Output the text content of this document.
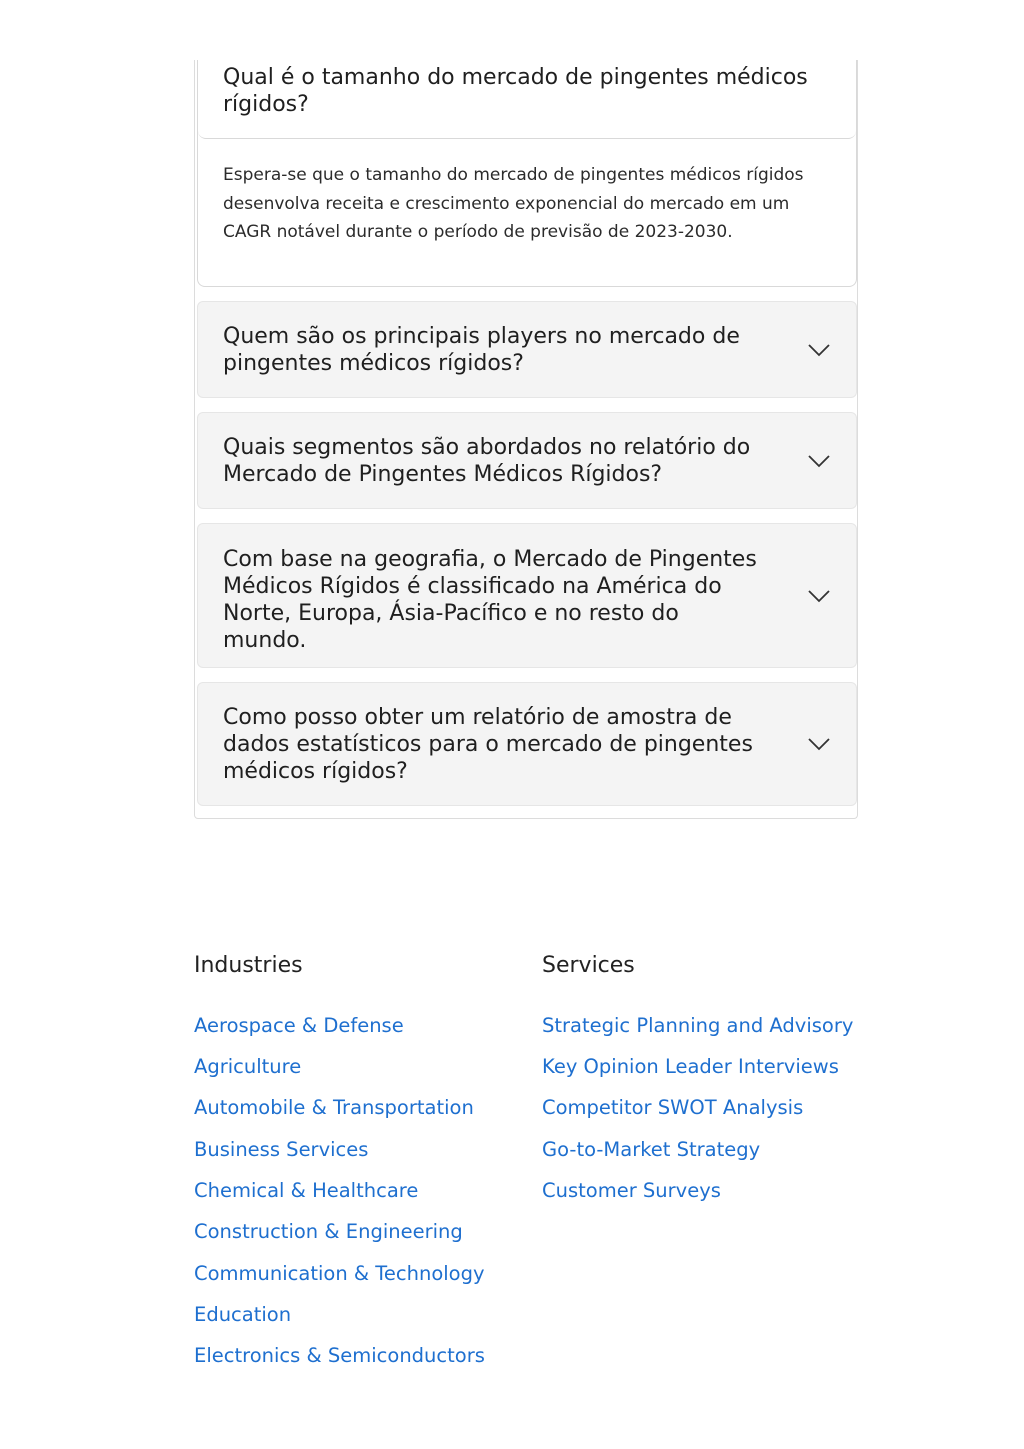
Qual é o tamanho do mercado de pingentes médicos rígidos?

Espera-se que o tamanho do mercado de pingentes médicos rígidos desenvolva receita e crescimento exponencial do mercado em um CAGR notável durante o período de previsão de 2023-2030.

Quem são os principais players no mercado de pingentes médicos rígidos?

Quais segmentos são abordados no relatório do Mercado de Pingentes Médicos Rígidos?

Com base na geografia, o Mercado de Pingentes Médicos Rígidos é classificado na América do Norte, Europa, Ásia-Pacífico e no resto do mundo.

Como posso obter um relatório de amostra de dados estatísticos para o mercado de pingentes médicos rígidos?

Industries
Aerospace & Defense
Agriculture
Automobile & Transportation
Business Services
Chemical & Healthcare
Construction & Engineering
Communication & Technology
Education
Electronics & Semiconductors
Services
Strategic Planning and Advisory
Key Opinion Leader Interviews
Competitor SWOT Analysis
Go-to-Market Strategy
Customer Surveys
